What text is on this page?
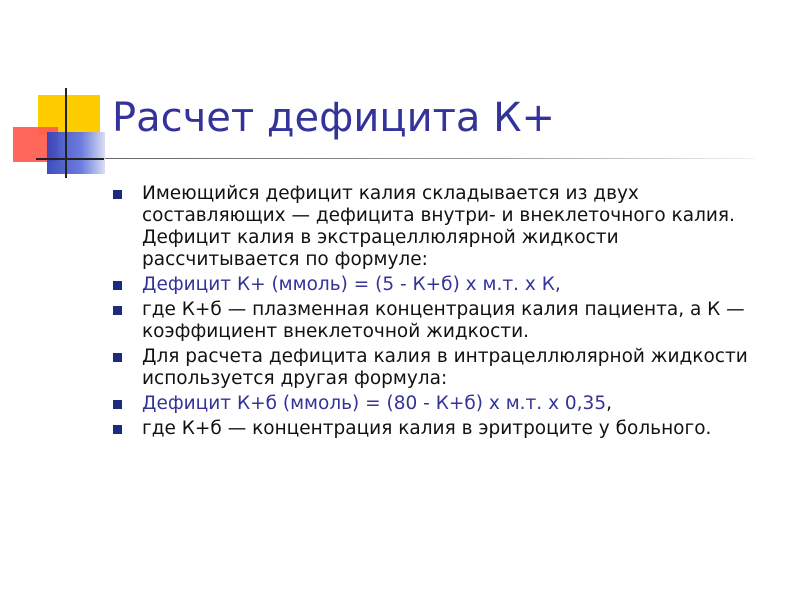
Расчет дефицита К+
Имеющийся дефицит калия складывается из двух составляющих — дефицита внутри- и внеклеточного калия. Дефицит калия в экстрацеллюлярной жидкости рассчитывается по формуле:
Дефицит К+ (ммоль) = (5 - К+б) х м.т. х К,
где К+б — плазменная концентрация калия пациента, а К — коэффициент внеклеточной жидкости.
Для расчета дефицита калия в интрацеллюлярной жидкости используется другая формула:
Дефицит К+б (ммоль) = (80 - К+б) х м.т. х 0,35,
где К+б — концентрация калия в эритроците у больного.
